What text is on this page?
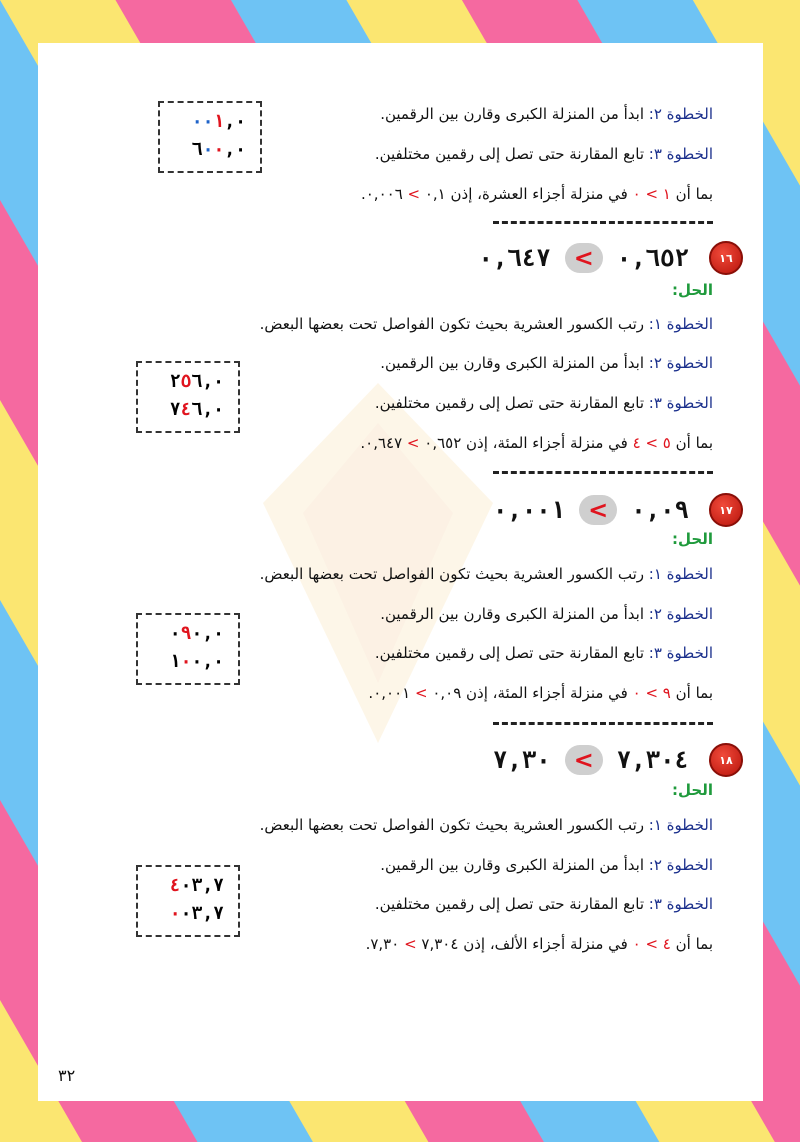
٠٠١,٠
٦٠٠,٠
الخطوة ٢: ابدأ من المنزلة الكبرى وقارن بين الرقمين.
الخطوة ٣: تابع المقارنة حتى تصل إلى رقمين مختلفين.
بما أن ١ > ٠ في منزلة أجزاء العشرة، إذن ٠,١ > ٠,٠٠٦.
١٦
٠,٦٥٢
>
٠,٦٤٧
الحل:
الخطوة ١: رتب الكسور العشرية بحيث تكون الفواصل تحت بعضها البعض.
٢٥٦,٠
٧٤٦,٠
الخطوة ٢: ابدأ من المنزلة الكبرى وقارن بين الرقمين.
الخطوة ٣: تابع المقارنة حتى تصل إلى رقمين مختلفين.
بما أن ٥ > ٤ في منزلة أجزاء المئة، إذن ٠,٦٥٢ > ٠,٦٤٧.
١٧
٠,٠٩
>
٠,٠٠١
الحل:
الخطوة ١: رتب الكسور العشرية بحيث تكون الفواصل تحت بعضها البعض.
٠٩٠,٠
١٠٠,٠
الخطوة ٢: ابدأ من المنزلة الكبرى وقارن بين الرقمين.
الخطوة ٣: تابع المقارنة حتى تصل إلى رقمين مختلفين.
بما أن ٩ > ٠ في منزلة أجزاء المئة، إذن ٠,٠٩ > ٠,٠٠١.
١٨
٧,٣٠٤
>
٧,٣٠
الحل:
الخطوة ١: رتب الكسور العشرية بحيث تكون الفواصل تحت بعضها البعض.
٤٠٣,٧
٠٠٣,٧
الخطوة ٢: ابدأ من المنزلة الكبرى وقارن بين الرقمين.
الخطوة ٣: تابع المقارنة حتى تصل إلى رقمين مختلفين.
بما أن ٤ > ٠ في منزلة أجزاء الألف، إذن ٧,٣٠٤ > ٧,٣٠.
٣٢
